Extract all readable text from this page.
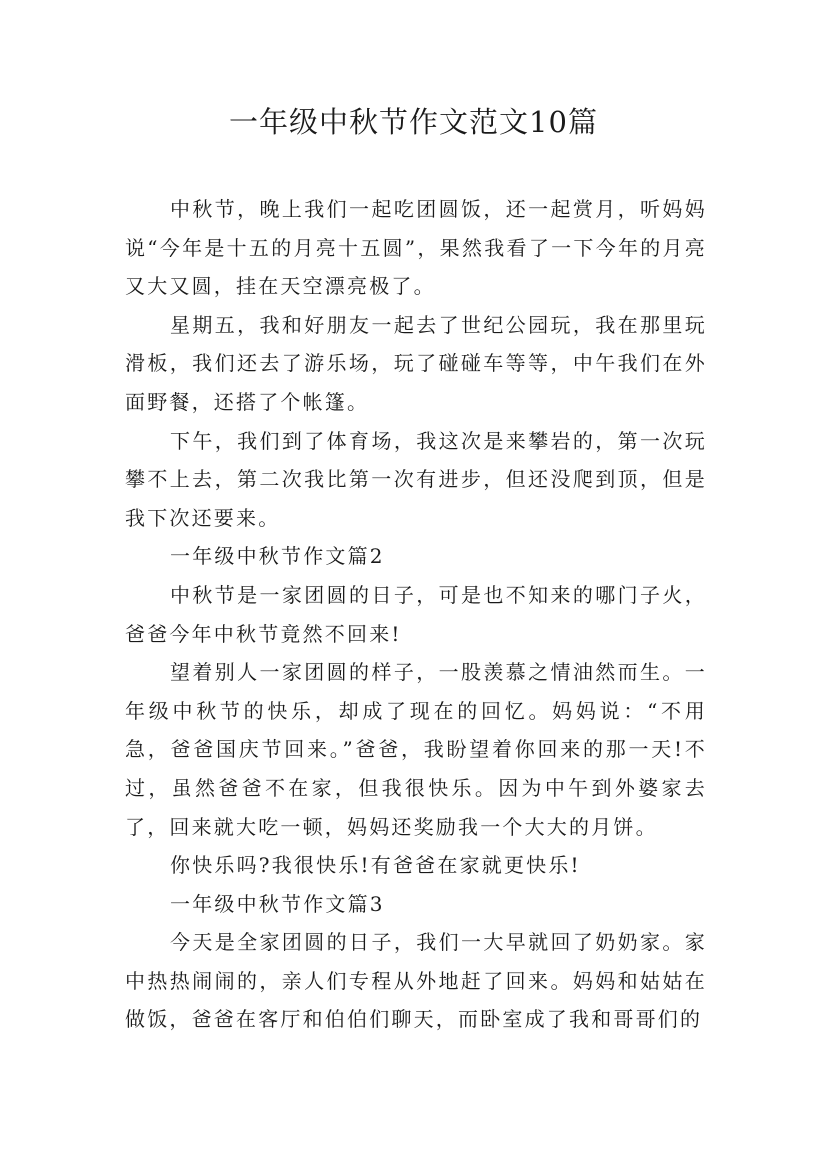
一年级中秋节作文范文10篇

中秋节，晚上我们一起吃团圆饭，还一起赏月，听妈妈说“今年是十五的月亮十五圆”，果然我看了一下今年的月亮又大又圆，挂在天空漂亮极了。

星期五，我和好朋友一起去了世纪公园玩，我在那里玩滑板，我们还去了游乐场，玩了碰碰车等等，中午我们在外面野餐，还搭了个帐篷。

下午，我们到了体育场，我这次是来攀岩的，第一次玩攀不上去，第二次我比第一次有进步，但还没爬到顶，但是我下次还要来。

一年级中秋节作文篇2

中秋节是一家团圆的日子，可是也不知来的哪门子火，爸爸今年中秋节竟然不回来!

望着别人一家团圆的样子，一股羡慕之情油然而生。一年级中秋节的快乐，却成了现在的回忆。妈妈说：“不用急，爸爸国庆节回来。”爸爸，我盼望着你回来的那一天!不过，虽然爸爸不在家，但我很快乐。因为中午到外婆家去了，回来就大吃一顿，妈妈还奖励我一个大大的月饼。

你快乐吗?我很快乐!有爸爸在家就更快乐!

一年级中秋节作文篇3

今天是全家团圆的日子，我们一大早就回了奶奶家。家中热热闹闹的，亲人们专程从外地赶了回来。妈妈和姑姑在做饭，爸爸在客厅和伯伯们聊天，而卧室成了我和哥哥们的
